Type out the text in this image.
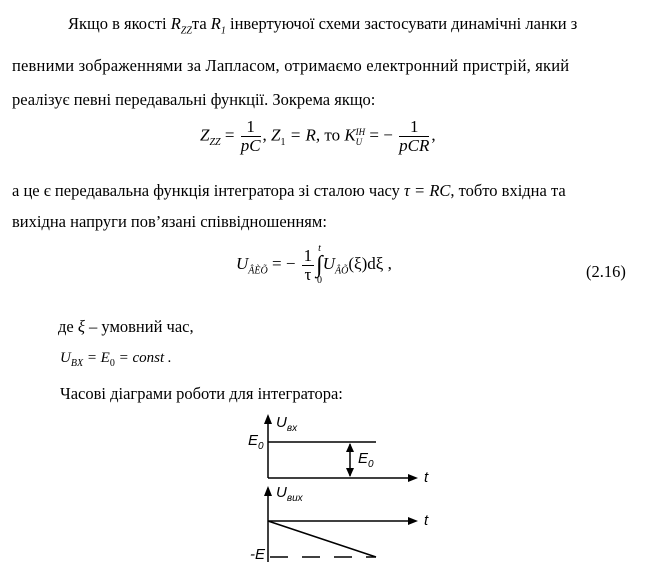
Якщо в якості $R_{ZZ}та$ $R_1$ інвертуючої схеми застосувати динамічні ланки з
певними зображеннями за Лапласом, отримаємо електронний пристрій, який
реалізує певні передавальні функції. Зокрема якщо:
$Z_{ZZ} = \frac{1}{pC}$ , $Z_1 = R$, то K ІН
U = − $\frac{1}{\text{pCR}}$ ,
а це є передавальна функція інтегратора зі сталою часу τ = RC, тобто вхідна та
вихідна напруги пов’язані співвідношенням:
$U_{ÂÈÕ}$ = − $\frac{1}{\tau}$ t
∫
0
$U_{ÂÕ}(\xi)d\xi$ ,	(2.16)
де ξ – умовний час,
$U_{BX} = E_0$ = const .
Часові діаграми роботи для інтегратора:
$E_0$
$U_{вх}$
$E_0$
t
$U_{вих}$
t
-E
